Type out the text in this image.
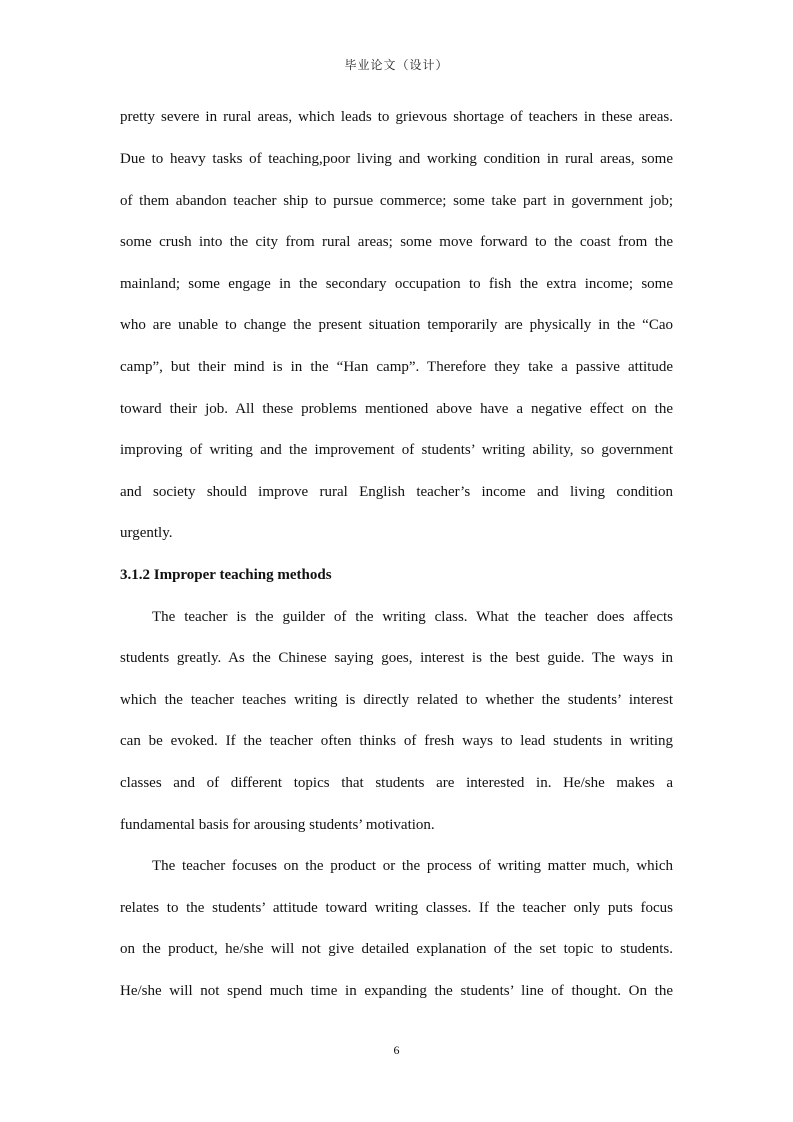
毕业论文（设计）
pretty severe in rural areas, which leads to grievous shortage of teachers in these areas.
Due to heavy tasks of teaching,poor living and working condition in rural areas, some
of them abandon teacher ship to pursue commerce; some take part in government job;
some crush into the city from rural areas; some move forward to the coast from the
mainland; some engage in the secondary occupation to fish the extra income; some
who are unable to change the present situation temporarily are physically in the “Cao
camp”, but their mind is in the “Han camp”. Therefore they take a passive attitude
toward their job. All these problems mentioned above have a negative effect on the
improving of writing and the improvement of students’ writing ability, so government
and society should improve rural English teacher’s income and living condition
urgently.
3.1.2 Improper teaching methods
The teacher is the guilder of the writing class. What the teacher does affects
students greatly. As the Chinese saying goes, interest is the best guide. The ways in
which the teacher teaches writing is directly related to whether the students’ interest
can be evoked. If the teacher often thinks of fresh ways to lead students in writing
classes and of different topics that students are interested in. He/she makes a
fundamental basis for arousing students’ motivation.
The teacher focuses on the product or the process of writing matter much, which
relates to the students’ attitude toward writing classes. If the teacher only puts focus
on the product, he/she will not give detailed explanation of the set topic to students.
He/she will not spend much time in expanding the students’ line of thought. On the
6
